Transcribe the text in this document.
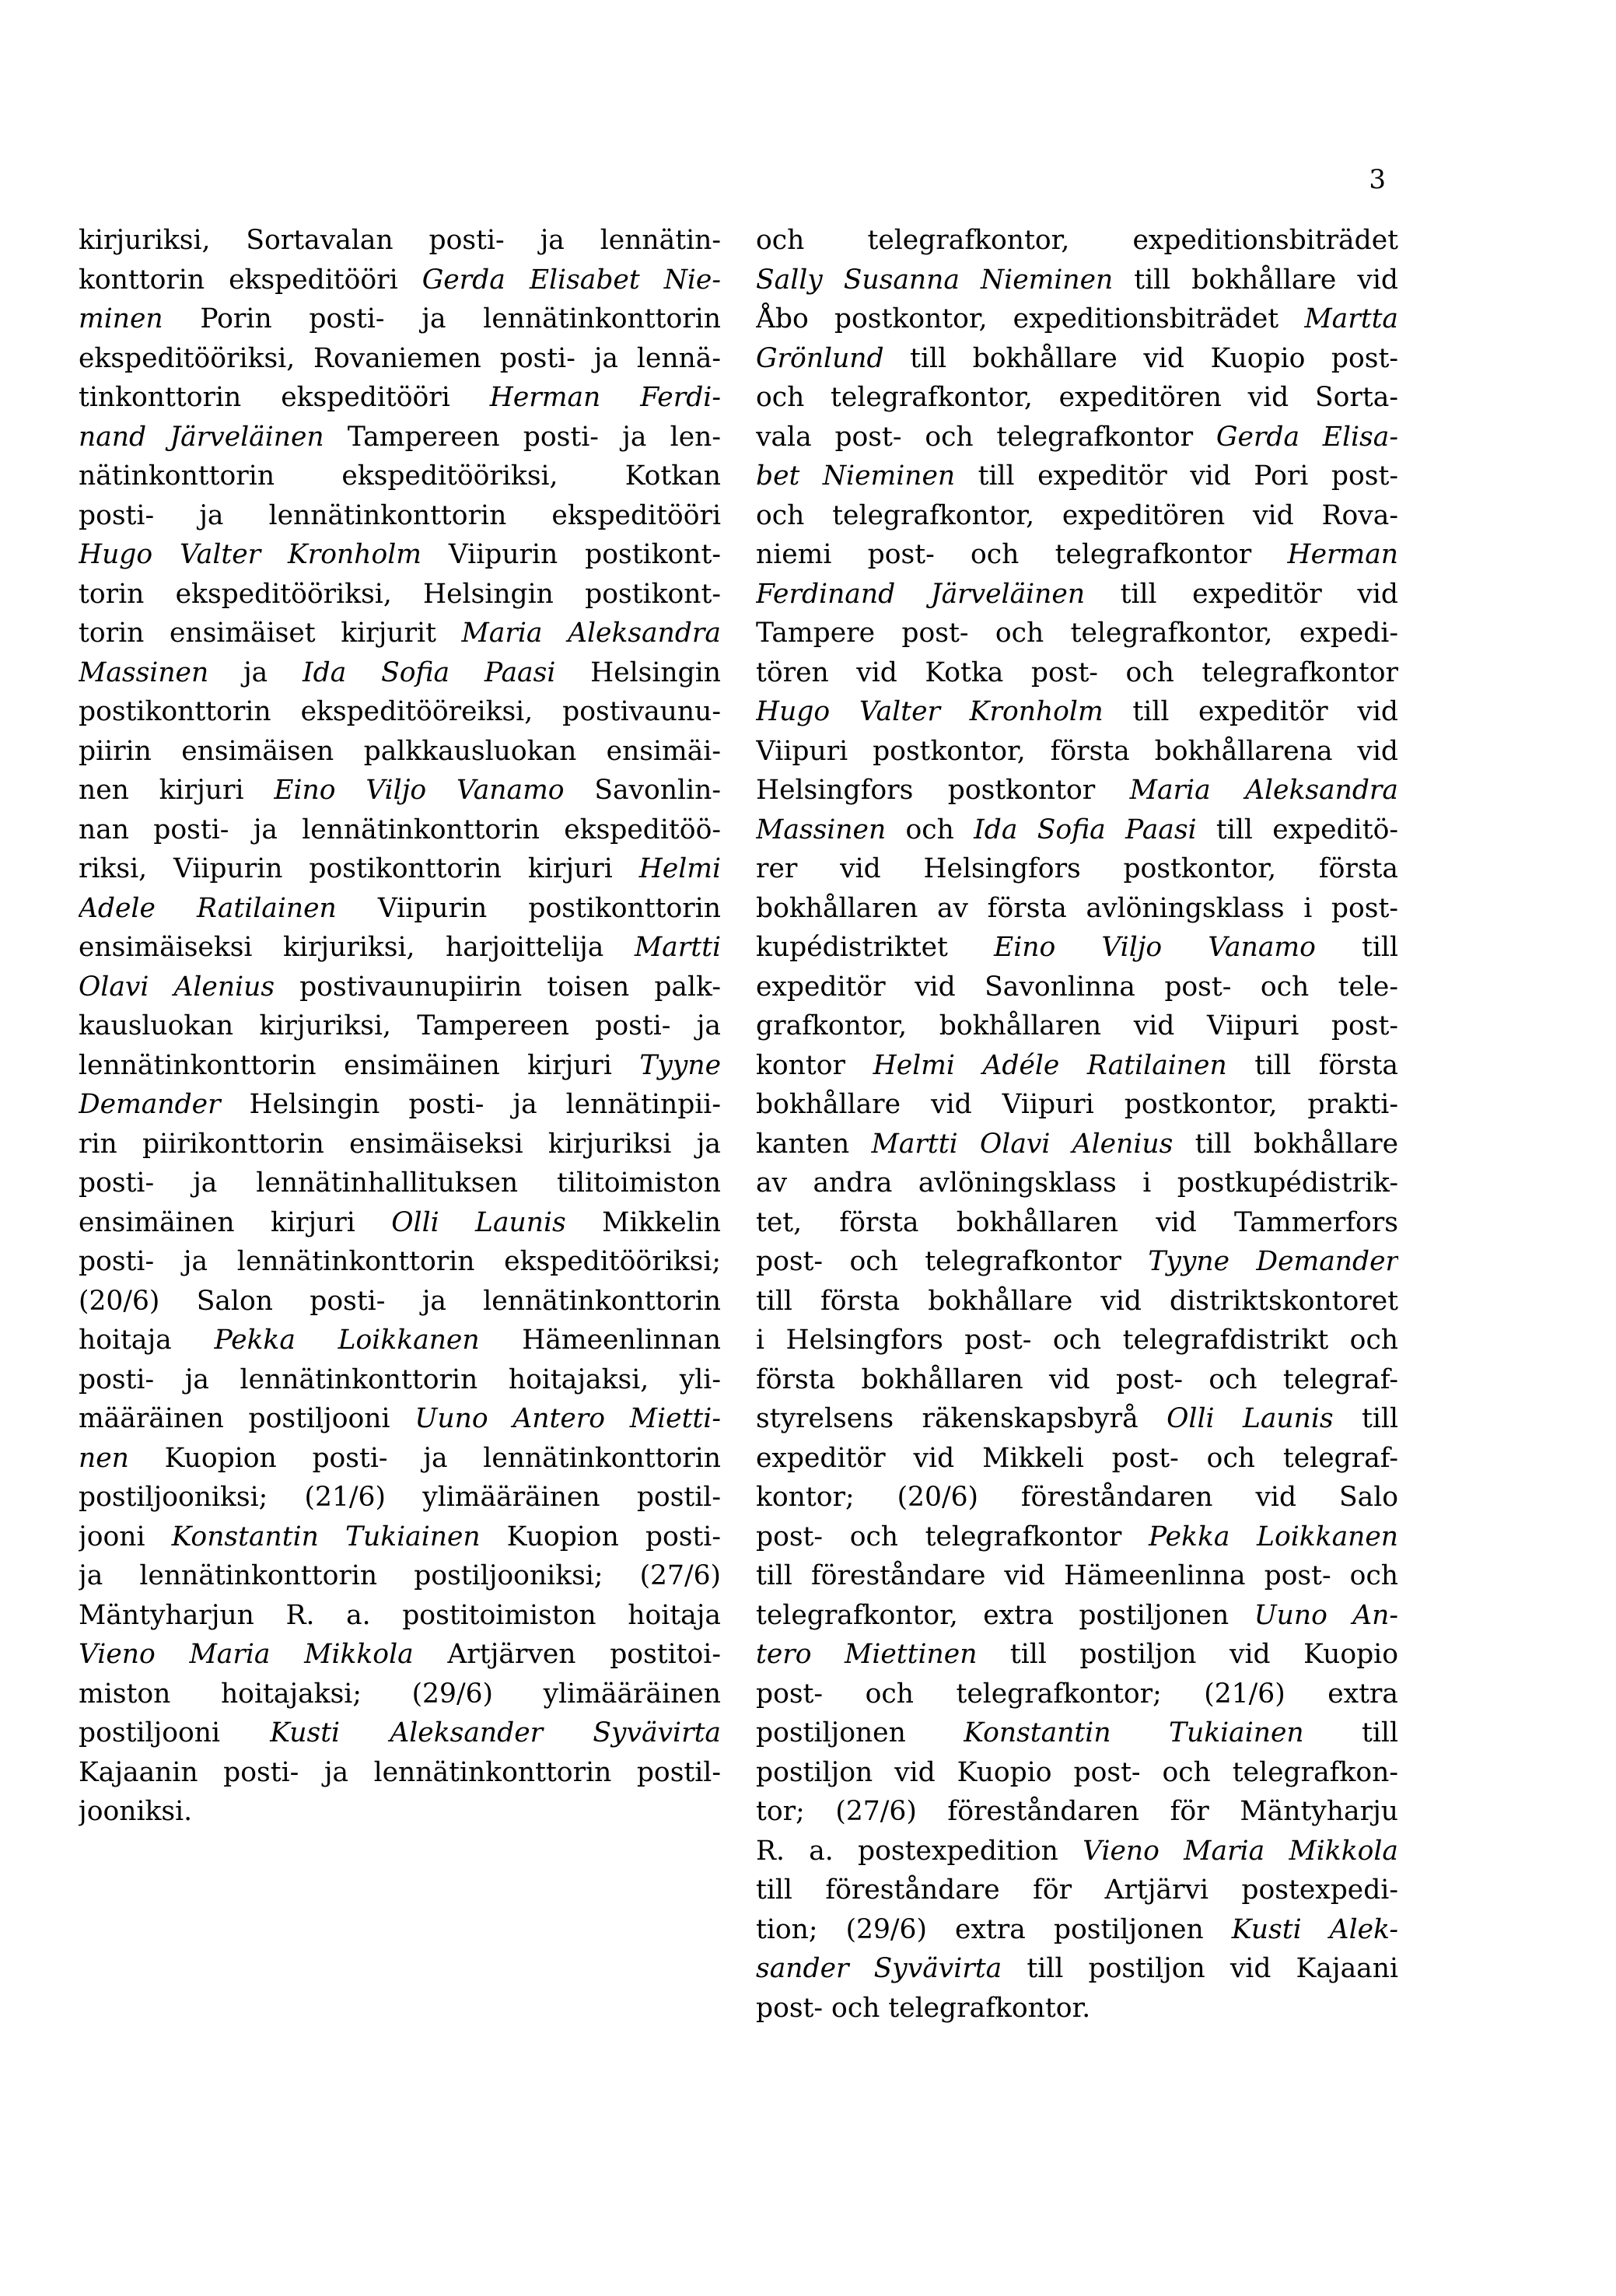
3
kirjuriksi, Sortavalan posti- ja lennätin-
konttorin ekspeditööri Gerda Elisabet Nie-
minen Porin posti- ja lennätinkonttorin
ekspeditööriksi, Rovaniemen posti- ja lennä-
tinkonttorin ekspeditööri Herman Ferdi-
nand Järveläinen Tampereen posti- ja len-
nätinkonttorin ekspeditööriksi, Kotkan
posti- ja lennätinkonttorin ekspeditööri
Hugo Valter Kronholm Viipurin postikont-
torin ekspeditööriksi, Helsingin postikont-
torin ensimäiset kirjurit Maria Aleksandra
Massinen ja Ida Sofia Paasi Helsingin
postikonttorin ekspeditööreiksi, postivaunu-
piirin ensimäisen palkkausluokan ensimäi-
nen kirjuri Eino Viljo Vanamo Savonlin-
nan posti- ja lennätinkonttorin ekspeditöö-
riksi, Viipurin postikonttorin kirjuri Helmi
Adele Ratilainen Viipurin postikonttorin
ensimäiseksi kirjuriksi, harjoittelija Martti
Olavi Alenius postivaunupiirin toisen palk-
kausluokan kirjuriksi, Tampereen posti- ja
lennätinkonttorin ensimäinen kirjuri Tyyne
Demander Helsingin posti- ja lennätinpii-
rin piirikonttorin ensimäiseksi kirjuriksi ja
posti- ja lennätinhallituksen tilitoimiston
ensimäinen kirjuri Olli Launis Mikkelin
posti- ja lennätinkonttorin ekspeditööriksi;
(20/6) Salon posti- ja lennätinkonttorin
hoitaja Pekka Loikkanen Hämeenlinnan
posti- ja lennätinkonttorin hoitajaksi, yli-
määräinen postiljooni Uuno Antero Mietti-
nen Kuopion posti- ja lennätinkonttorin
postiljooniksi; (21/6) ylimääräinen postil-
jooni Konstantin Tukiainen Kuopion posti-
ja lennätinkonttorin postiljooniksi; (27/6)
Mäntyharjun R. a. postitoimiston hoitaja
Vieno Maria Mikkola Artjärven postitoi-
miston hoitajaksi; (29/6) ylimääräinen
postiljooni Kusti Aleksander Syvävirta
Kajaanin posti- ja lennätinkonttorin postil-
jooniksi.
och telegrafkontor, expeditionsbiträdet
Sally Susanna Nieminen till bokhållare vid
Åbo postkontor, expeditionsbiträdet Martta
Grönlund till bokhållare vid Kuopio post-
och telegrafkontor, expeditören vid Sorta-
vala post- och telegrafkontor Gerda Elisa-
bet Nieminen till expeditör vid Pori post-
och telegrafkontor, expeditören vid Rova-
niemi post- och telegrafkontor Herman
Ferdinand Järveläinen till expeditör vid
Tampere post- och telegrafkontor, expedi-
tören vid Kotka post- och telegrafkontor
Hugo Valter Kronholm till expeditör vid
Viipuri postkontor, första bokhållarena vid
Helsingfors postkontor Maria Aleksandra
Massinen och Ida Sofia Paasi till expeditö-
rer vid Helsingfors postkontor, första
bokhållaren av första avlöningsklass i post-
kupédistriktet Eino Viljo Vanamo till
expeditör vid Savonlinna post- och tele-
grafkontor, bokhållaren vid Viipuri post-
kontor Helmi Adéle Ratilainen till första
bokhållare vid Viipuri postkontor, prakti-
kanten Martti Olavi Alenius till bokhållare
av andra avlöningsklass i postkupédistrik-
tet, första bokhållaren vid Tammerfors
post- och telegrafkontor Tyyne Demander
till första bokhållare vid distriktskontoret
i Helsingfors post- och telegrafdistrikt och
första bokhållaren vid post- och telegraf-
styrelsens räkenskapsbyrå Olli Launis till
expeditör vid Mikkeli post- och telegraf-
kontor; (20/6) föreståndaren vid Salo
post- och telegrafkontor Pekka Loikkanen
till föreståndare vid Hämeenlinna post- och
telegrafkontor, extra postiljonen Uuno An-
tero Miettinen till postiljon vid Kuopio
post- och telegrafkontor; (21/6) extra
postiljonen Konstantin Tukiainen till
postiljon vid Kuopio post- och telegrafkon-
tor; (27/6) föreståndaren för Mäntyharju
R. a. postexpedition Vieno Maria Mikkola
till föreståndare för Artjärvi postexpedi-
tion; (29/6) extra postiljonen Kusti Alek-
sander Syvävirta till postiljon vid Kajaani
post- och telegrafkontor.
